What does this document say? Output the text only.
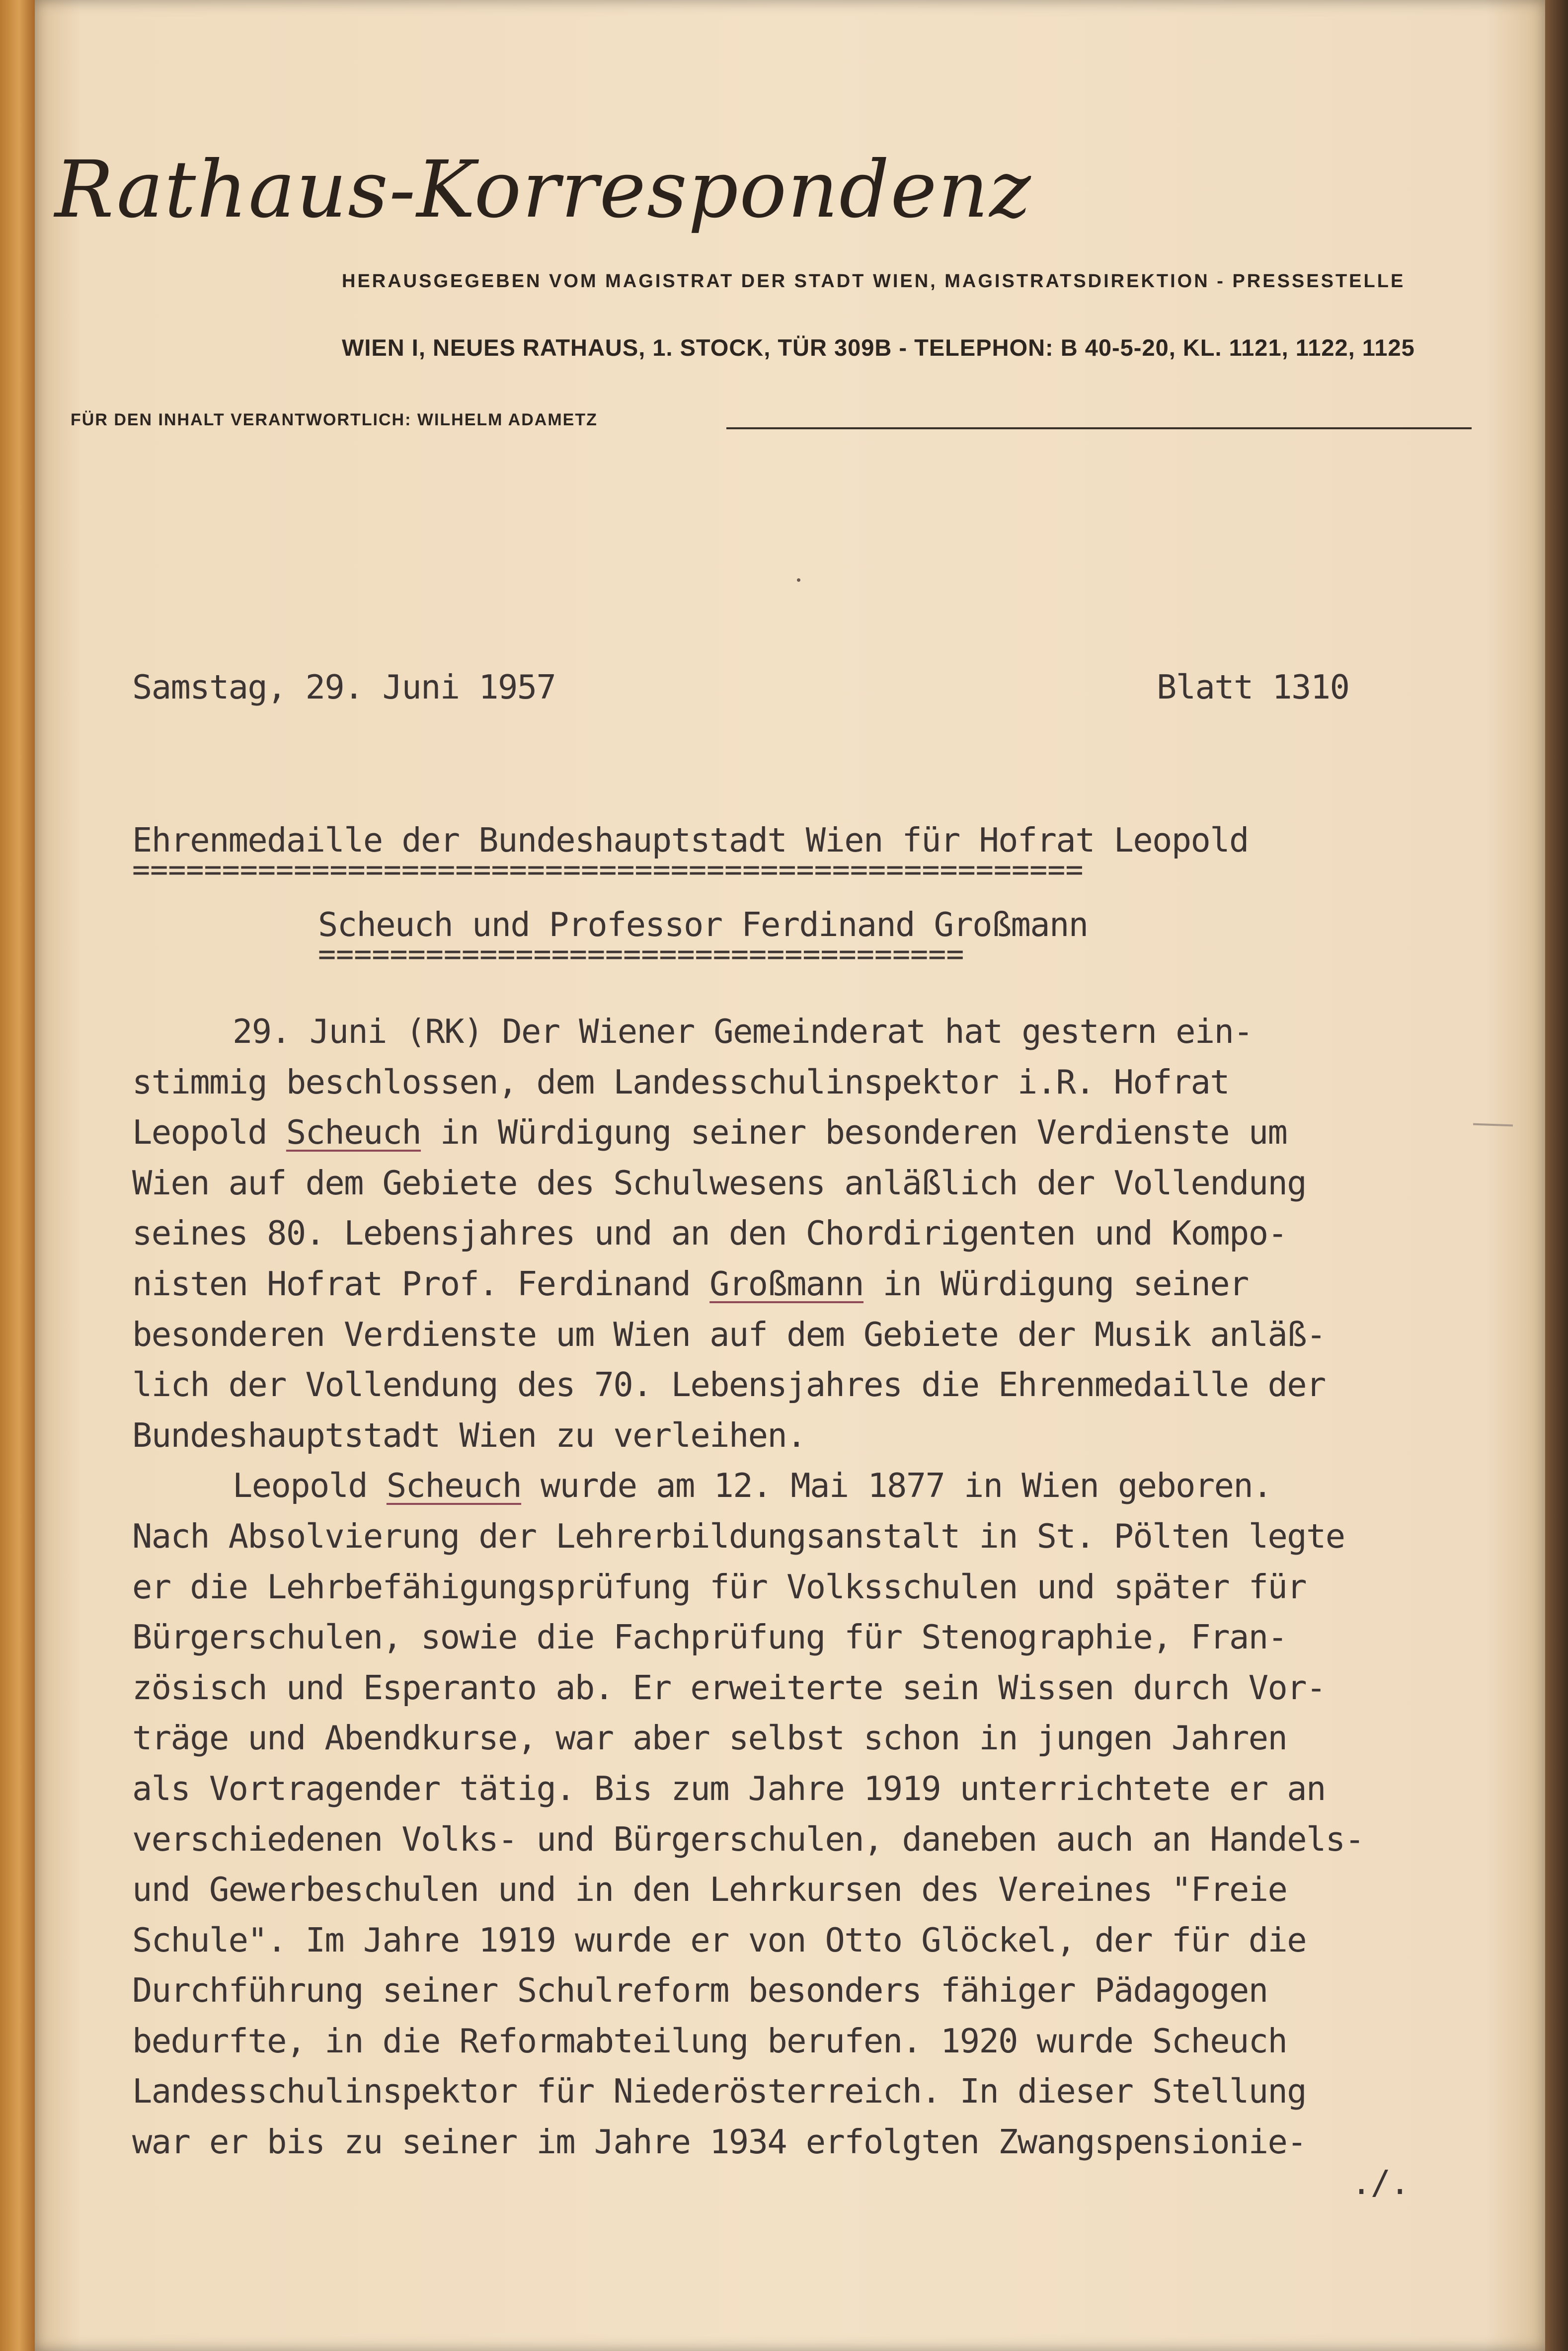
Rathaus-Korrespondenz
HERAUSGEGEBEN VOM MAGISTRAT DER STADT WIEN, MAGISTRATSDIREKTION - PRESSESTELLE
WIEN I, NEUES RATHAUS, 1. STOCK, TÜR 309B - TELEPHON: B 40-5-20, KL. 1121, 1122, 1125
FÜR DEN INHALT VERANTWORTLICH: WILHELM ADAMETZ
Samstag, 29. Juni 1957	Blatt 1310
Ehrenmedaille der Bundeshauptstadt Wien für Hofrat Leopold
=====================================================
Scheuch und Professor Ferdinand Großmann
====================================
29. Juni (RK) Der Wiener Gemeinderat hat gestern ein-
stimmig beschlossen, dem Landesschulinspektor i.R. Hofrat
Leopold Scheuch in Würdigung seiner besonderen Verdienste um
Wien auf dem Gebiete des Schulwesens anläßlich der Vollendung
seines 80. Lebensjahres und an den Chordirigenten und Kompo-
nisten Hofrat Prof. Ferdinand Großmann in Würdigung seiner
besonderen Verdienste um Wien auf dem Gebiete der Musik anläß-
lich der Vollendung des 70. Lebensjahres die Ehrenmedaille der
Bundeshauptstadt Wien zu verleihen.
Leopold Scheuch wurde am 12. Mai 1877 in Wien geboren.
Nach Absolvierung der Lehrerbildungsanstalt in St. Pölten legte
er die Lehrbefähigungsprüfung für Volksschulen und später für
Bürgerschulen, sowie die Fachprüfung für Stenographie, Fran-
zösisch und Esperanto ab. Er erweiterte sein Wissen durch Vor-
träge und Abendkurse, war aber selbst schon in jungen Jahren
als Vortragender tätig. Bis zum Jahre 1919 unterrichtete er an
verschiedenen Volks- und Bürgerschulen, daneben auch an Handels-
und Gewerbeschulen und in den Lehrkursen des Vereines "Freie
Schule". Im Jahre 1919 wurde er von Otto Glöckel, der für die
Durchführung seiner Schulreform besonders fähiger Pädagogen
bedurfte, in die Reformabteilung berufen. 1920 wurde Scheuch
Landesschulinspektor für Niederösterreich. In dieser Stellung
war er bis zu seiner im Jahre 1934 erfolgten Zwangspensionie-
./.
